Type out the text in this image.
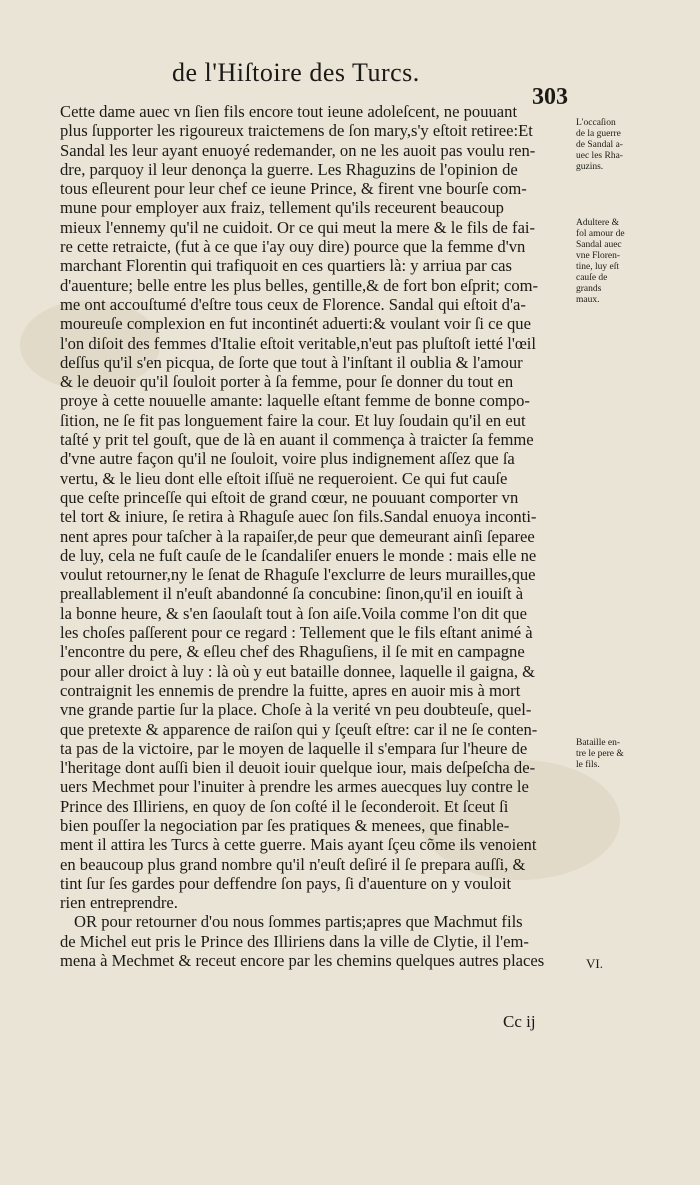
de l'Hiſtoire des Turcs.
303
Cette dame auec vn ſien fils encore tout ieune adoleſcent, ne pouuant
plus ſupporter les rigoureux traictemens de ſon mary,s'y eſtoit retiree:Et
Sandal les leur ayant enuoyé redemander, on ne les auoit pas voulu ren-
dre, parquoy il leur denonça la guerre. Les Rhaguzins de l'opinion de
tous eſleurent pour leur chef ce ieune Prince, & firent vne bourſe com-
mune pour employer aux fraiz, tellement qu'ils receurent beaucoup
mieux l'ennemy qu'il ne cuidoit. Or ce qui meut la mere & le fils de fai-
re cette retraicte, (fut à ce que i'ay ouy dire) pource que la femme d'vn
marchant Florentin qui trafiquoit en ces quartiers là: y arriua par cas
d'auenture; belle entre les plus belles, gentille,& de fort bon eſprit; com-
me ont accouſtumé d'eſtre tous ceux de Florence. Sandal qui eſtoit d'a-
moureuſe complexion en fut incontinét aduerti:& voulant voir ſi ce que
l'on diſoit des femmes d'Italie eſtoit veritable,n'eut pas pluſtoſt ietté l'œil
deſſus qu'il s'en picqua, de ſorte que tout à l'inſtant il oublia & l'amour
& le deuoir qu'il ſouloit porter à ſa femme, pour ſe donner du tout en
proye à cette nouuelle amante: laquelle eſtant femme de bonne compo-
ſition, ne ſe fit pas longuement faire la cour. Et luy ſoudain qu'il en eut
taſté y prit tel gouſt, que de là en auant il commença à traicter ſa femme
d'vne autre façon qu'il ne ſouloit, voire plus indignement aſſez que ſa
vertu, & le lieu dont elle eſtoit iſſuë ne requeroient. Ce qui fut cauſe
que ceſte princeſſe qui eſtoit de grand cœur, ne pouuant comporter vn
tel tort & iniure, ſe retira à Rhaguſe auec ſon fils.Sandal enuoya inconti-
nent apres pour taſcher à la rapaiſer,de peur que demeurant ainſi ſeparee
de luy, cela ne fuſt cauſe de le ſcandaliſer enuers le monde : mais elle ne
voulut retourner,ny le ſenat de Rhaguſe l'exclurre de leurs murailles,que
preallablement il n'euſt abandonné ſa concubine: ſinon,qu'il en iouiſt à
la bonne heure, & s'en ſaoulaſt tout à ſon aiſe.Voila comme l'on dit que
les choſes paſſerent pour ce regard : Tellement que le fils eſtant animé à
l'encontre du pere, & eſleu chef des Rhaguſiens, il ſe mit en campagne
pour aller droict à luy : là où y eut bataille donnee, laquelle il gaigna, &
contraignit les ennemis de prendre la fuitte, apres en auoir mis à mort
vne grande partie ſur la place. Choſe à la verité vn peu doubteuſe, quel-
que pretexte & apparence de raiſon qui y ſçeuſt eſtre: car il ne ſe conten-
ta pas de la victoire, par le moyen de laquelle il s'empara ſur l'heure de
l'heritage dont auſſi bien il deuoit iouir quelque iour, mais deſpeſcha de-
uers Mechmet pour l'inuiter à prendre les armes auecques luy contre le
Prince des Illiriens, en quoy de ſon coſté il le ſeconderoit. Et ſceut ſi
bien pouſſer la negociation par ſes pratiques & menees, que finable-
ment il attira les Turcs à cette guerre. Mais ayant ſçeu cõme ils venoient
en beaucoup plus grand nombre qu'il n'euſt deſiré il ſe prepara auſſi, &
tint ſur ſes gardes pour deffendre ſon pays, ſi d'auenture on y vouloit
rien entreprendre.
OR pour retourner d'ou nous ſommes partis;apres que Machmut fils
de Michel eut pris le Prince des Illiriens dans la ville de Clytie, il l'em-
mena à Mechmet & receut encore par les chemins quelques autres places
L'occaſion
de la guerre
de Sandal a-
uec les Rha-
guzins.
Adultere &
fol amour de
Sandal auec
vne Floren-
tine, luy eſt
cauſe de
grands
maux.
Bataille en-
tre le pere &
le fils.
VI.
Cc ij
